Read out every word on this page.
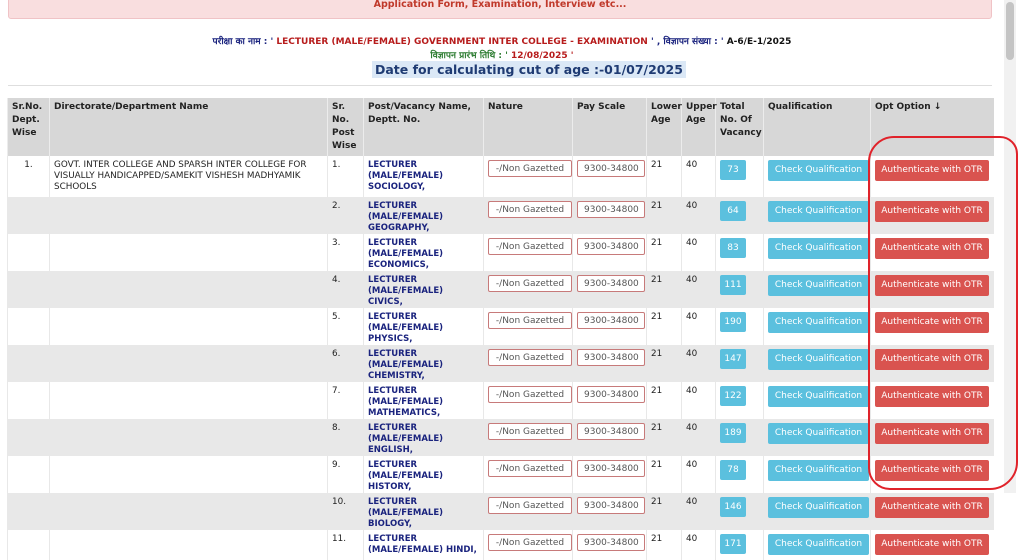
Application Form, Examination, Interview etc...
परीक्षा का नाम : ' LECTURER (MALE/FEMALE) GOVERNMENT INTER COLLEGE - EXAMINATION ' , विज्ञापन संख्या : ' A-6/E-1/2025
विज्ञापन प्रारंभ तिथि : ' 12/08/2025 '
Date for calculating cut of age :-01/07/2025
Sr.No. Dept. Wise	Directorate/Department Name	Sr. No. Post Wise	Post/Vacancy Name, Deptt. No.	Nature	Pay Scale	Lower Age	Upper Age	Total No. Of Vacancy	Qualification	Opt Option ↓
1.	GOVT. INTER COLLEGE AND SPARSH INTER COLLEGE FOR VISUALLY HANDICAPPED/SAMEKIT VISHESH MADHYAMIK SCHOOLS	1.	LECTURER (MALE/FEMALE) SOCIOLOGY,	-/Non Gazetted	9300-34800	21	40	73	Check Qualification	Authenticate with OTR
		2.	LECTURER (MALE/FEMALE) GEOGRAPHY,	-/Non Gazetted	9300-34800	21	40	64	Check Qualification	Authenticate with OTR
		3.	LECTURER (MALE/FEMALE) ECONOMICS,	-/Non Gazetted	9300-34800	21	40	83	Check Qualification	Authenticate with OTR
		4.	LECTURER (MALE/FEMALE) CIVICS,	-/Non Gazetted	9300-34800	21	40	111	Check Qualification	Authenticate with OTR
		5.	LECTURER (MALE/FEMALE) PHYSICS,	-/Non Gazetted	9300-34800	21	40	190	Check Qualification	Authenticate with OTR
		6.	LECTURER (MALE/FEMALE) CHEMISTRY,	-/Non Gazetted	9300-34800	21	40	147	Check Qualification	Authenticate with OTR
		7.	LECTURER (MALE/FEMALE) MATHEMATICS,	-/Non Gazetted	9300-34800	21	40	122	Check Qualification	Authenticate with OTR
		8.	LECTURER (MALE/FEMALE) ENGLISH,	-/Non Gazetted	9300-34800	21	40	189	Check Qualification	Authenticate with OTR
		9.	LECTURER (MALE/FEMALE) HISTORY,	-/Non Gazetted	9300-34800	21	40	78	Check Qualification	Authenticate with OTR
		10.	LECTURER (MALE/FEMALE) BIOLOGY,	-/Non Gazetted	9300-34800	21	40	146	Check Qualification	Authenticate with OTR
		11.	LECTURER (MALE/FEMALE) HINDI,	-/Non Gazetted	9300-34800	21	40	171	Check Qualification	Authenticate with OTR
